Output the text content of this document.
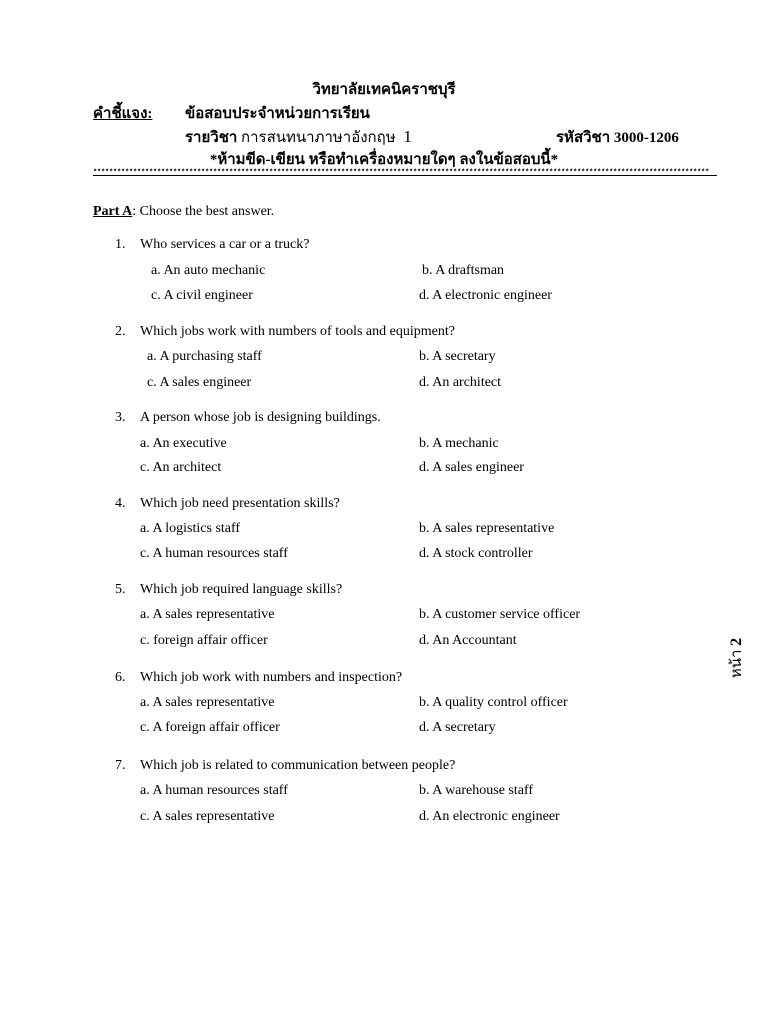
วิทยาลัยเทคนิคราชบุรี
คำชี้แจง: ข้อสอบประจำหน่วยการเรียน
รายวิชา การสนทนาภาษาอังกฤษ 1	รหัสวิชา 3000-1206
*ห้ามขีด-เขียน หรือทำเครื่องหมายใดๆ ลงในข้อสอบนี้*
**********************************************************************************************************************************************************
Part A: Choose the best answer.
1. Who services a car or a truck?
a. An auto mechanic	b. A draftsman
c. A civil engineer	d. A electronic engineer
2. Which jobs work with numbers of tools and equipment?
a. A purchasing staff	b. A secretary
c. A sales engineer	d. An architect
3. A person whose job is designing buildings.
a. An executive	b. A mechanic
c. An architect	d. A sales engineer
4. Which job need presentation skills?
a. A logistics staff	b. A sales representative
c. A human resources staff	d. A stock controller
5. Which job required language skills?
a. A sales representative	b. A customer service officer
c. foreign affair officer	d. An Accountant
6. Which job work with numbers and inspection?
a. A sales representative	b. A quality control officer
c. A foreign affair officer	d. A secretary
7. Which job is related to communication between people?
a. A human resources staff	b. A warehouse staff
c. A sales representative	d. An electronic engineer
หน้า 2
